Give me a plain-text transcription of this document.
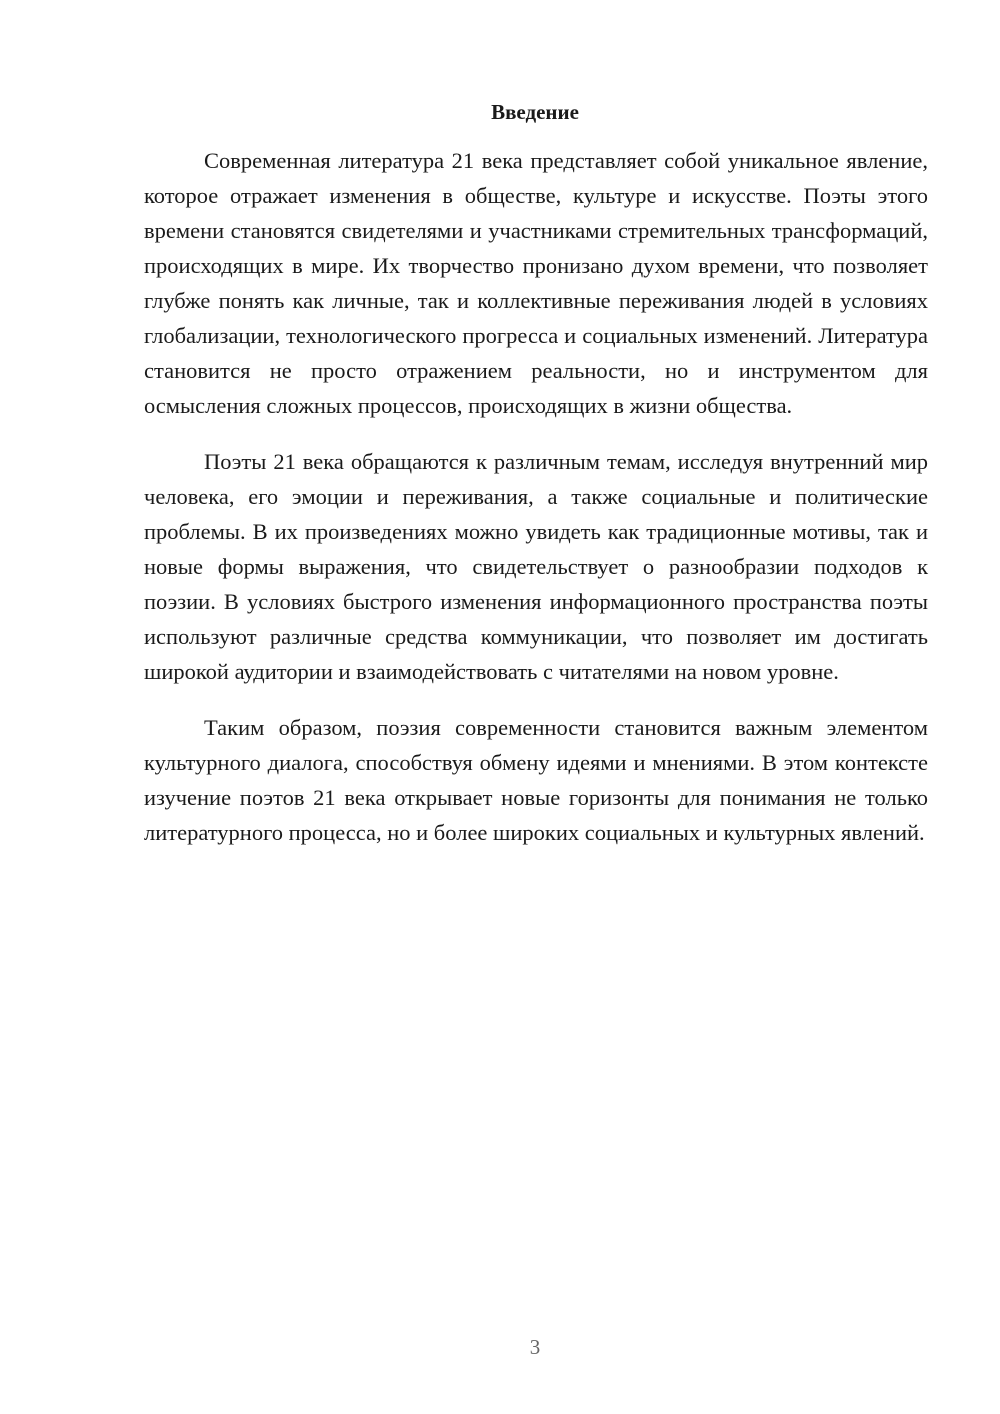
Введение

Современная литература 21 века представляет собой уникальное явление, которое отражает изменения в обществе, культуре и искусстве. Поэты этого времени становятся свидетелями и участниками стремительных трансформаций, происходящих в мире. Их творчество пронизано духом времени, что позволяет глубже понять как личные, так и коллективные переживания людей в условиях глобализации, технологического прогресса и социальных изменений. Литература становится не просто отражением реальности, но и инструментом для осмысления сложных процессов, происходящих в жизни общества.

Поэты 21 века обращаются к различным темам, исследуя внутренний мир человека, его эмоции и переживания, а также социальные и политические проблемы. В их произведениях можно увидеть как традиционные мотивы, так и новые формы выражения, что свидетельствует о разнообразии подходов к поэзии. В условиях быстрого изменения информационного пространства поэты используют различные средства коммуникации, что позволяет им достигать широкой аудитории и взаимодействовать с читателями на новом уровне.

Таким образом, поэзия современности становится важным элементом культурного диалога, способствуя обмену идеями и мнениями. В этом контексте изучение поэтов 21 века открывает новые горизонты для понимания не только литературного процесса, но и более широких социальных и культурных явлений.

3
